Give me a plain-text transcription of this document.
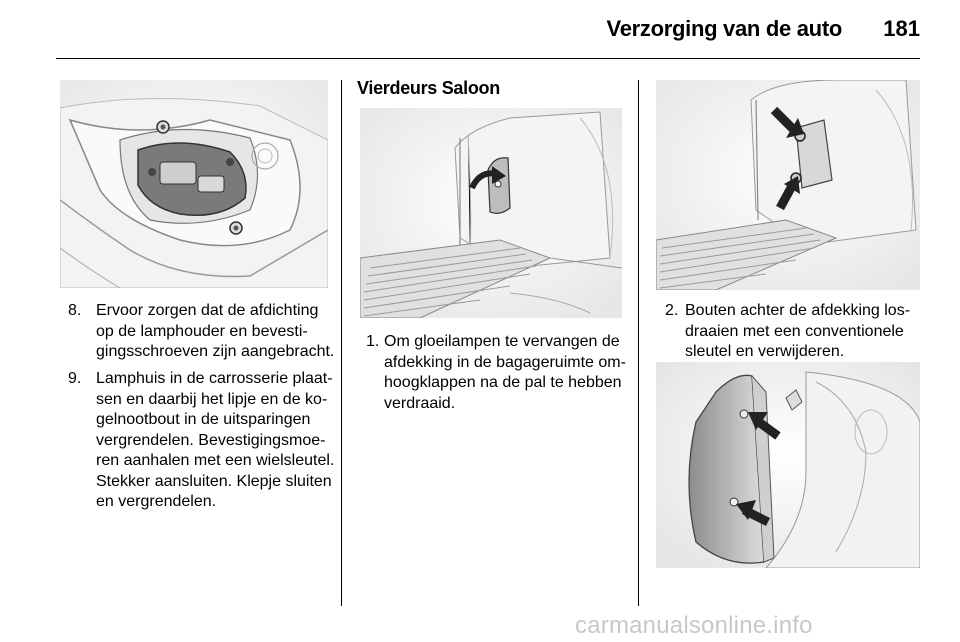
Verzorging van de auto 181
8. Ervoor zorgen dat de afdichting
op de lamphouder en bevesti-
gingsschroeven zijn aangebracht.
9. Lamphuis in de carrosserie plaat-
sen en daarbij het lipje en de ko-
gelnootbout in de uitsparingen
vergrendelen. Bevestigingsmoe-
ren aanhalen met een wielsleutel.
Stekker aansluiten. Klepje sluiten
en vergrendelen.
Vierdeurs Saloon
1. Om gloeilampen te vervangen de
afdekking in de bagageruimte om-
hoogklappen na de pal te hebben
verdraaid.
2. Bouten achter de afdekking los-
draaien met een conventionele
sleutel en verwijderen.
carmanualsonline.info
